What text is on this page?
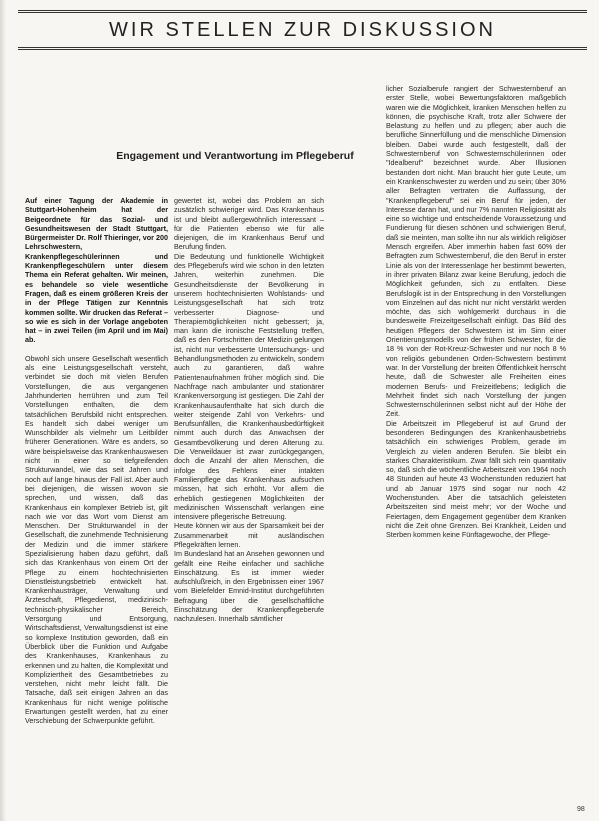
WIR STELLEN ZUR DISKUSSION
Engagement und Verantwortung im Pflegeberuf

Auf einer Tagung der Akademie in Stuttgart-Hohenheim hat der Beigeordnete für das Sozial- und Gesundheitswesen der Stadt Stuttgart, Bürgermeister Dr. Rolf Thieringer, vor 200 Lehrschwestern, Krankenpflegeschülerinnen und Krankenpflegeschülern unter diesem Thema ein Referat gehalten. Wir meinen, es behandele so viele wesentliche Fragen, daß es einem größeren Kreis der in der Pflege Tätigen zur Kenntnis kommen sollte. Wir drucken das Referat – so wie es sich in der Vorlage angeboten hat – in zwei Teilen (im April und im Mai) ab.

Obwohl sich unsere Gesellschaft wesentlich als eine Leistungsgesellschaft versteht, verbindet sie doch mit vielen Berufen Vorstellungen, die aus vergangenen Jahrhunderten herrühren und zum Teil Vorstellungen enthalten, die dem tatsächlichen Berufsbild nicht entsprechen. Es handelt sich dabei weniger um Wunschbilder als vielmehr um Leitbilder früherer Generationen. Wäre es anders, so wäre beispielsweise das Krankenhauswesen nicht in einer so tiefgreifenden Strukturwandel, wie das seit Jahren und noch auf lange hinaus der Fall ist. Aber auch bei diejenigen, die wissen wovon sie sprechen, und wissen, daß das Krankenhaus ein komplexer Betrieb ist, gilt nach wie vor das Wort vom Dienst am Menschen. Der Strukturwandel in der Gesellschaft, die zunehmende Technisierung der Medizin und die immer stärkere Spezialisierung haben dazu geführt, daß sich das Krankenhaus von einem Ort der Pflege zu einem hochtechnisierten Dienstleistungsbetrieb entwickelt hat. Krankenhausträger, Verwaltung und Ärzteschaft, Pflegedienst, medizinisch-technisch-physikalischer Bereich, Versorgung und Entsorgung, Wirtschaftsdienst, Verwaltungsdienst ist eine so komplexe Institution geworden, daß ein Überblick über die Funktion und Aufgabe des Krankenhauses, Krankenhaus zu erkennen und zu halten, die Komplexität und Kompliziertheit des Gesamtbetriebes zu verstehen, nicht mehr leicht fällt. Die Tatsache, daß seit einigen Jahren an das Krankenhaus für nicht wenige politische Erwartungen gestellt werden, hat zu einer Verschiebung der Schwerpunkte geführt.

gewertet ist, wobei das Problem an sich zusätzlich schwieriger wird. Das Krankenhaus ist und bleibt außergewöhnlich interessant – für die Patienten ebenso wie für alle diejenigen, die im Krankenhaus Beruf und Berufung finden.
Die Bedeutung und funktionelle Wichtigkeit des Pflegeberufs wird wie schon in den letzten Jahren, weiterhin zunehmen. Die Gesundheitsdienste der Bevölkerung in unserem hochtechnisierten Wohlstands- und Leistungsgesellschaft hat sich trotz verbesserter Diagnose- und Therapiemöglichkeiten nicht gebessert; ja, man kann die ironische Feststellung treffen, daß es den Fortschritten der Medizin gelungen ist, nicht nur verbesserte Untersuchungs- und Behandlungsmethoden zu entwickeln, sondern auch zu garantieren, daß wahre Patientenaufnahmen früher möglich sind. Die Nachfrage nach ambulanter und stationärer Krankenversorgung ist gestiegen. Die Zahl der Krankenhausaufenthalte hat sich durch die weiter steigende Zahl von Verkehrs- und Berufsunfällen, die Krankenhausbedürftigkeit nimmt auch durch das Anwachsen der Gesamtbevölkerung und deren Alterung zu. Die Verweildauer ist zwar zurückgegangen, doch die Anzahl der alten Menschen, die infolge des Fehlens einer intakten Familienpflege das Krankenhaus aufsuchen müssen, hat sich erhöht. Vor allem die erheblich gestiegenen Möglichkeiten der medizinischen Wissenschaft verlangen eine intensivere pflegerische Betreuung.
Heute können wir aus der Sparsamkeit bei der Zusammenarbeit mit ausländischen Pflegekräften lernen.
Im Bundesland hat an Ansehen gewonnen und gefällt eine Reihe einfacher und sachliche Einschätzung. Es ist immer wieder aufschlußreich, in den Ergebnissen einer 1967 vom Bielefelder Emnid-Institut durchgeführten Befragung über die gesellschaftliche Einschätzung der Krankenpflegeberufe nachzulesen. Innerhalb sämtlicher

licher Sozialberufe rangiert der Schwesternberuf an erster Stelle, wobei Bewertungsfaktoren maßgeblich waren wie die Möglichkeit, kranken Menschen helfen zu können, die psychische Kraft, trotz aller Schwere der Belastung zu helfen und zu pflegen; aber auch die berufliche Sinnerfüllung und die menschliche Dimension bleiben. Dabei wurde auch festgestellt, daß der Schwesternberuf von Schwesternschülerinnen oder "Idealberuf" bezeichnet wurde. Aber Illusionen bestanden dort nicht. Man braucht hier gute Leute, um ein Krankenschwester zu werden und zu sein; über 30% aller Befragten vertraten die Auffassung, der "Krankenpflegeberuf" sei ein Beruf für jeden, der Interesse daran hat, und nur 7% nannten Religiosität als eine so wichtige und entscheidende Voraussetzung und Fundierung für diesen schönen und schwierigen Beruf, daß sie meinten, man sollte ihn nur als wirklich religiöser Mensch ergreifen. Aber immerhin haben fast 60% der Befragten zum Schwesternberuf, die den Beruf in erster Linie als von der Interessenlage her bestimmt bewerten, in ihrer privaten Bilanz zwar keine Berufung, jedoch die Möglichkeit gefunden, sich zu entfalten. Diese Berufslogik ist in der Entsprechung in den Vorstellungen vom Einzelnen auf das nicht nur nicht verstärkt werden möchte, das sich wohlgemerkt durchaus in die bundesweite Freizeitgesellschaft einfügt. Das Bild des heutigen Pflegers der Schwestern ist im Sinn einer Orientierungsmodells von der frühen Schwester, für die 18 % von der Rot-Kreuz-Schwester und nur noch 8 % von religiös gebundenen Orden-Schwestern bestimmt war. In der Vorstellung der breiten Öffentlichkeit herrscht heute, daß die Schwester alle Freiheiten eines modernen Berufs- und Freizeitlebens; lediglich die Mehrheit findet sich nach Vorstellung der jungen Schwesternschülerinnen selbst nicht auf der Höhe der Zeit.
Die Arbeitszeit im Pflegeberuf ist auf Grund der besonderen Bedingungen des Krankenhausbetriebs tatsächlich ein schwieriges Problem, gerade im Vergleich zu vielen anderen Berufen. Sie bleibt ein starkes Charakteristikum. Zwar fällt sich rein quantitativ so, daß sich die wöchentliche Arbeitszeit von 1964 noch 48 Stunden auf heute 43 Wochenstunden reduziert hat und ab Januar 1975 sind sogar nur noch 42 Wochenstunden. Aber die tatsächlich geleisteten Arbeitszeiten sind meist mehr; vor der Woche und Feiertagen, dem Engagement gegenüber dem Kranken nicht die Zeit ohne Grenzen. Bei Krankheit, Leiden und Sterben kommen keine Fünftagewoche, der Pflege-

98
